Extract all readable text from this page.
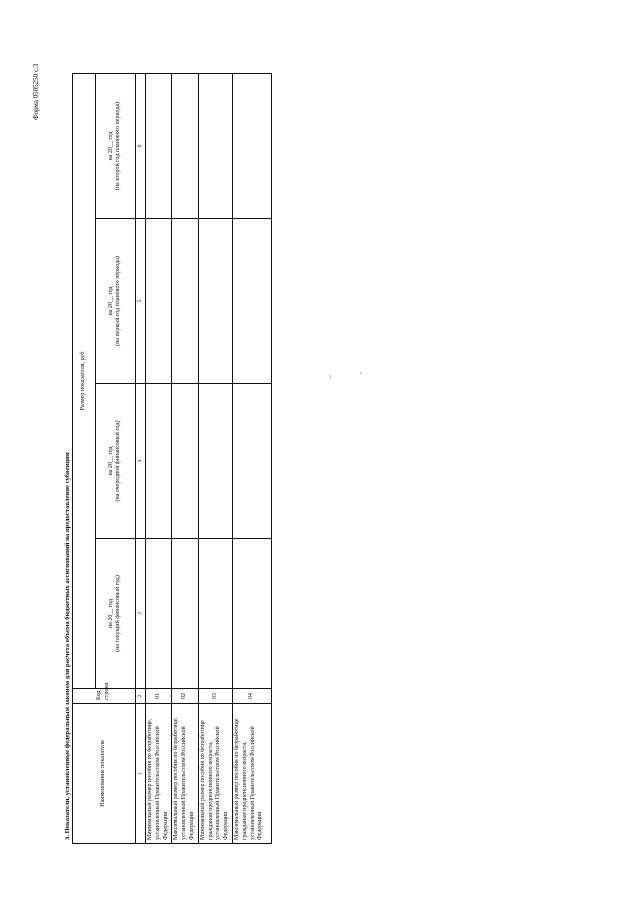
Форма 0505250 с.3
3. Показатели, установленные федеральным законом для расчета объема бюджетных ассигнований на предоставление субвенции	Наименование показателя	Код строки	Размер показателя, руб			

		на 20__ год (на текущий финансовый год)	на 20__ год (на очередной финансовый год)	на 20__ год (на первый год планового периода)	на 20__ год (на второй год планового периода)

1	2	3	4	5	6
Минимальный размер пособия по безработице, установленный Правительством Российской Федерации	01				
Максимальный размер пособия по безработице, установленный Правительством Российской Федерации	02				
Минимальный размер пособия по безработице гражданам предпенсионного возраста, установленный Правительством Российской Федерации	03				
Максимальный размер пособия по безработице гражданам предпенсионного возраста, установленный Правительством Российской Федерации	04				
